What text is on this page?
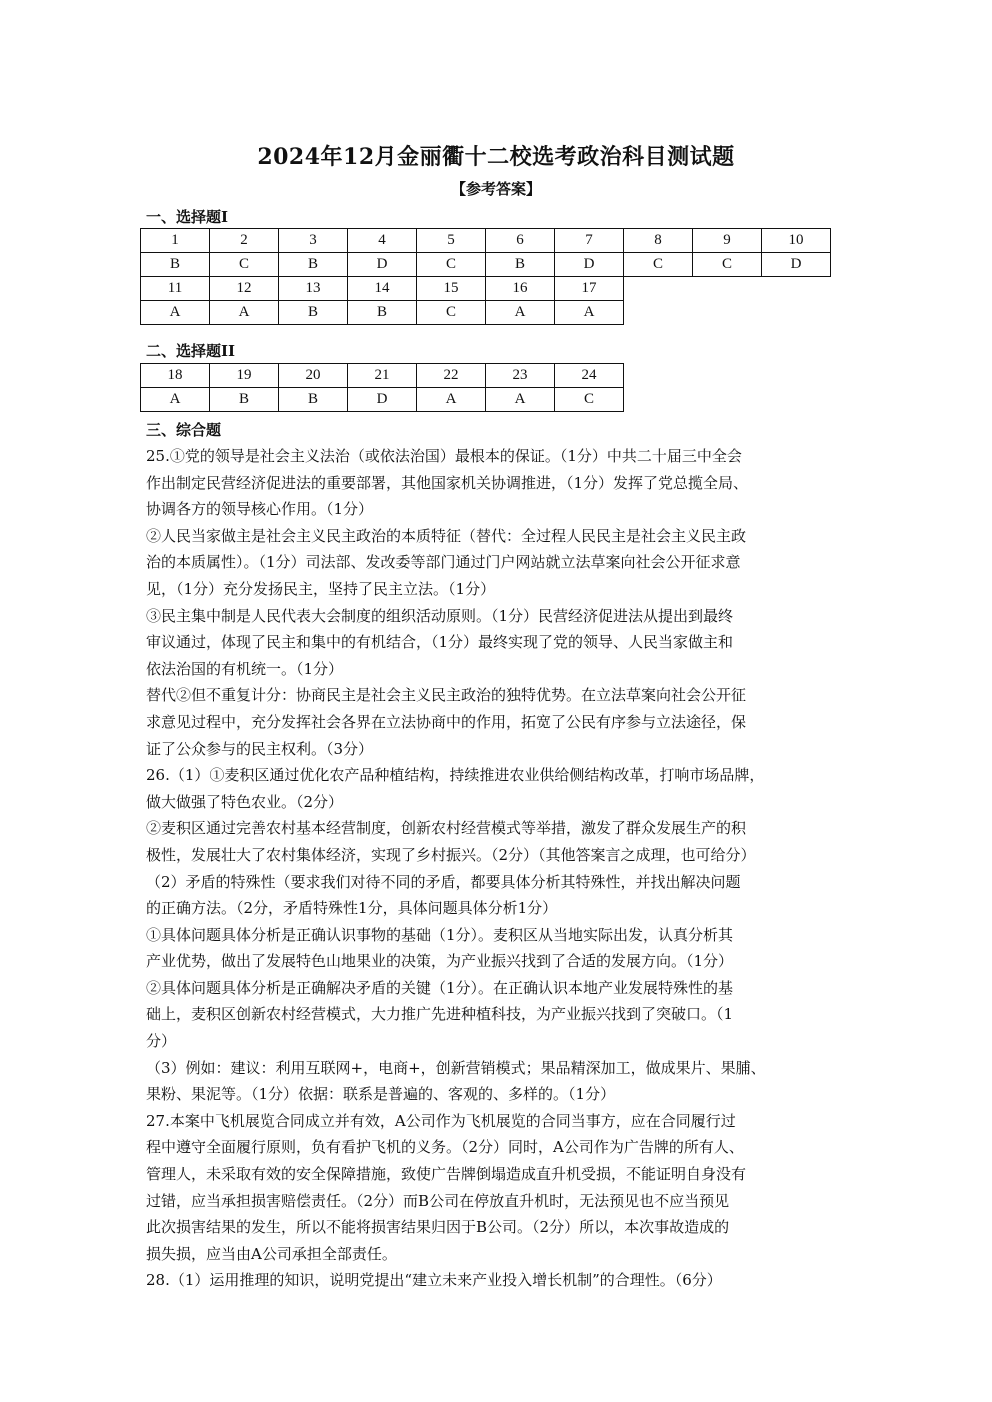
2024年12月金丽衢十二校选考政治科目测试题
【参考答案】
一、选择题I
1	2	3	4	5	6	7	8	9	10
B	C	B	D	C	B	D	C	C	D
11	12	13	14	15	16	17			
A	A	B	B	C	A	A			
二、选择题II
18	19	20	21	22	23	24
A	B	B	D	A	A	C
三、综合题

25.①党的领导是社会主义法治（或依法治国）最根本的保证。（1分）中共二十届三中全会

作出制定民营经济促进法的重要部署，其他国家机关协调推进，（1分）发挥了党总揽全局、

协调各方的领导核心作用。（1分）

②人民当家做主是社会主义民主政治的本质特征（替代：全过程人民民主是社会主义民主政

治的本质属性）。（1分）司法部、发改委等部门通过门户网站就立法草案向社会公开征求意

见，（1分）充分发扬民主，坚持了民主立法。（1分）

③民主集中制是人民代表大会制度的组织活动原则。（1分）民营经济促进法从提出到最终

审议通过，体现了民主和集中的有机结合，（1分）最终实现了党的领导、人民当家做主和

依法治国的有机统一。（1分）

替代②但不重复计分：协商民主是社会主义民主政治的独特优势。在立法草案向社会公开征

求意见过程中，充分发挥社会各界在立法协商中的作用，拓宽了公民有序参与立法途径，保

证了公众参与的民主权利。（3分）

26.（1）①麦积区通过优化农产品种植结构，持续推进农业供给侧结构改革，打响市场品牌，

做大做强了特色农业。（2分）

②麦积区通过完善农村基本经营制度，创新农村经营模式等举措，激发了群众发展生产的积

极性，发展壮大了农村集体经济，实现了乡村振兴。（2分）（其他答案言之成理，也可给分）

（2）矛盾的特殊性（要求我们对待不同的矛盾，都要具体分析其特殊性，并找出解决问题

的正确方法。（2分，矛盾特殊性1分，具体问题具体分析1分）

①具体问题具体分析是正确认识事物的基础（1分）。麦积区从当地实际出发，认真分析其

产业优势，做出了发展特色山地果业的决策，为产业振兴找到了合适的发展方向。（1分）

②具体问题具体分析是正确解决矛盾的关键（1分）。在正确认识本地产业发展特殊性的基

础上，麦积区创新农村经营模式，大力推广先进种植科技，为产业振兴找到了突破口。（1

分）

（3）例如：建议：利用互联网+，电商+，创新营销模式；果品精深加工，做成果片、果脯、

果粉、果泥等。（1分）依据：联系是普遍的、客观的、多样的。（1分）

27.本案中飞机展览合同成立并有效，A公司作为飞机展览的合同当事方，应在合同履行过

程中遵守全面履行原则，负有看护飞机的义务。（2分）同时，A公司作为广告牌的所有人、

管理人，未采取有效的安全保障措施，致使广告牌倒塌造成直升机受损，不能证明自身没有

过错，应当承担损害赔偿责任。（2分）而B公司在停放直升机时，无法预见也不应当预见

此次损害结果的发生，所以不能将损害结果归因于B公司。（2分）所以，本次事故造成的

损失损，应当由A公司承担全部责任。

28.（1）运用推理的知识，说明党提出“建立未来产业投入增长机制”的合理性。（6分）
